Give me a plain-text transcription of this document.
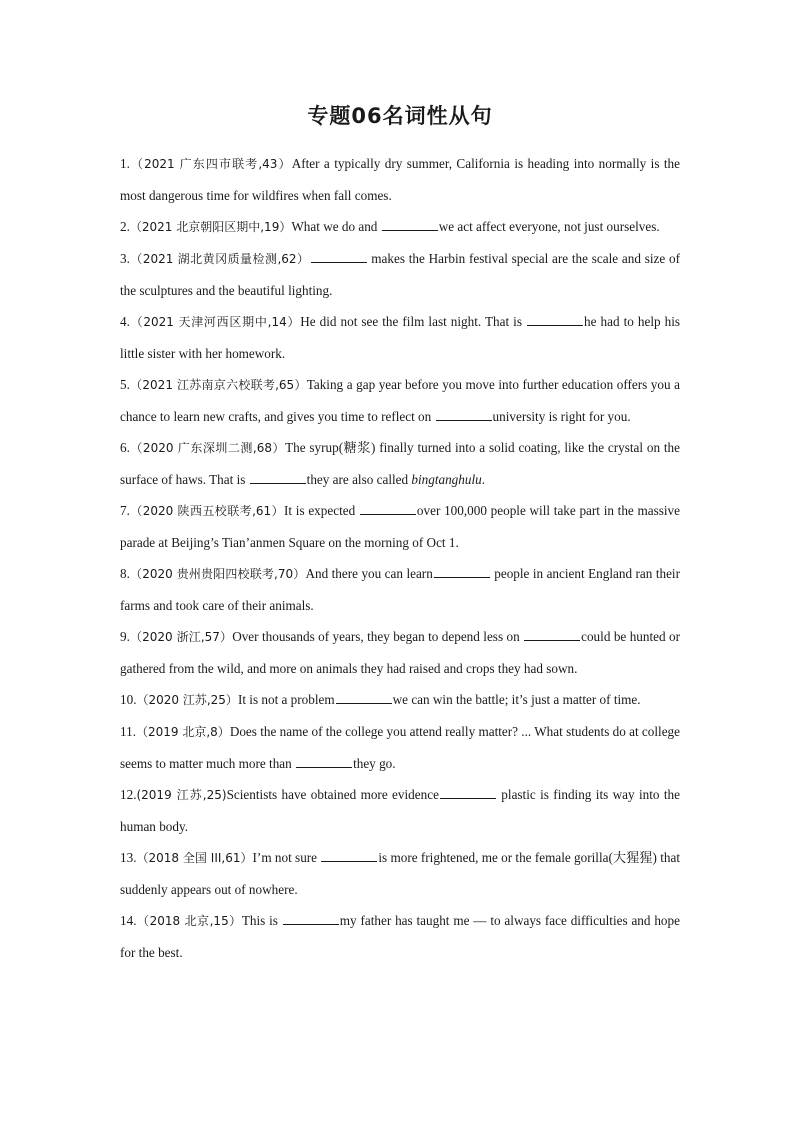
专题06名词性从句

1.（2021 广东四市联考,43）After a typically dry summer, California is heading into normally is the most dangerous time for wildfires when fall comes.

2.（2021 北京朝阳区期中,19）What we do and	we act affect everyone, not just ourselves.

3.（2021 湖北黄冈质量检测,62）	makes the Harbin festival special are the scale and size of the sculptures and the beautiful lighting.

4.（2021 天津河西区期中,14）He did not see the film last night. That is	he had to help his little sister with her homework.

5.（2021 江苏南京六校联考,65）Taking a gap year before you move into further education offers you a chance to learn new crafts, and gives you time to reflect on	university is right for you.

6.（2020 广东深圳二测,68）The syrup(糖浆) finally turned into a solid coating, like the crystal on the surface of haws. That is	they are also called bingtanghulu.

7.（2020 陕西五校联考,61）It is expected	over 100,000 people will take part in the massive parade at Beijing’s Tian’anmen Square on the morning of Oct 1.

8.（2020 贵州贵阳四校联考,70）And there you can learn	people in ancient England ran their farms and took care of their animals.

9.（2020 浙江,57）Over thousands of years, they began to depend less on	could be hunted or gathered from the wild, and more on animals they had raised and crops they had sown.

10.（2020 江苏,25）It is not a problem	we can win the battle; it’s just a matter of time.

11.（2019 北京,8）Does the name of the college you attend really matter? ... What students do at college seems to matter much more than	they go.

12.(2019 江苏,25)Scientists have obtained more evidence	plastic is finding its way into the human body.

13.（2018 全国 III,61）I’m not sure	is more frightened, me or the female gorilla(大猩猩) that suddenly appears out of nowhere.

14.（2018 北京,15）This is	my father has taught me — to always face difficulties and hope for the best.
